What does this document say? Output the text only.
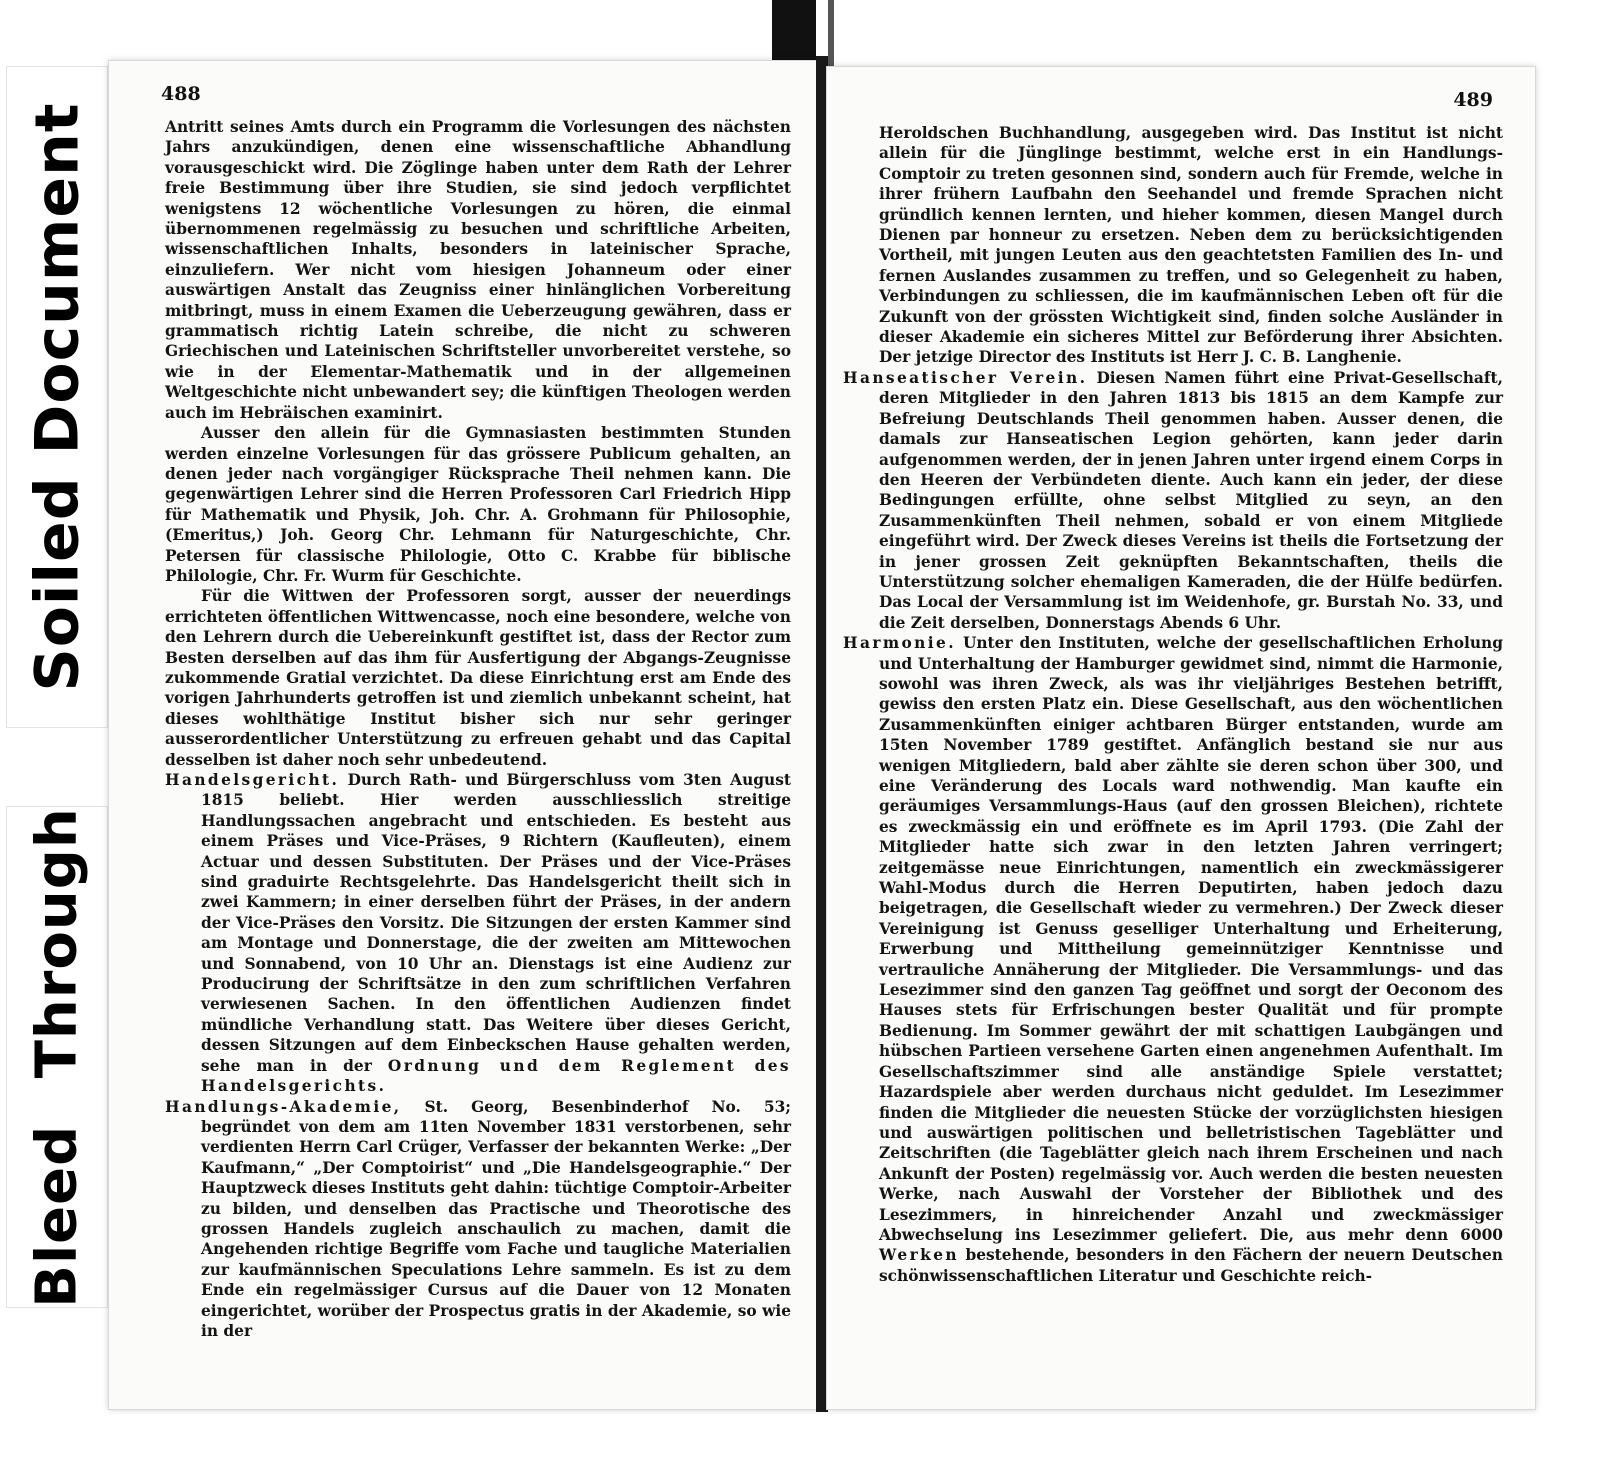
Soiled Document
Bleed Through
488

Antritt seines Amts durch ein Programm die Vorlesungen des nächsten Jahrs anzukündigen, denen eine wissenschaftliche Abhandlung vorausgeschickt wird. Die Zöglinge haben unter dem Rath der Lehrer freie Bestimmung über ihre Studien, sie sind jedoch verpflichtet wenigstens 12 wöchentliche Vorlesungen zu hören, die einmal übernommenen regelmässig zu besuchen und schriftliche Arbeiten, wissenschaftlichen Inhalts, besonders in lateinischer Sprache, einzuliefern. Wer nicht vom hiesigen Johanneum oder einer auswärtigen Anstalt das Zeugniss einer hinlänglichen Vorbereitung mitbringt, muss in einem Examen die Ueberzeugung gewähren, dass er grammatisch richtig Latein schreibe, die nicht zu schweren Griechischen und Lateinischen Schriftsteller unvorbereitet verstehe, so wie in der Elementar-Mathematik und in der allgemeinen Weltgeschichte nicht unbewandert sey; die künftigen Theologen werden auch im Hebräischen examinirt.

Ausser den allein für die Gymnasiasten bestimmten Stunden werden einzelne Vorlesungen für das grössere Publicum gehalten, an denen jeder nach vorgängiger Rücksprache Theil nehmen kann. Die gegenwärtigen Lehrer sind die Herren Professoren Carl Friedrich Hipp für Mathematik und Physik, Joh. Chr. A. Grohmann für Philosophie, (Emeritus,) Joh. Georg Chr. Lehmann für Naturgeschichte, Chr. Petersen für classische Philologie, Otto C. Krabbe für biblische Philologie, Chr. Fr. Wurm für Geschichte.

Für die Wittwen der Professoren sorgt, ausser der neuerdings errichteten öffentlichen Wittwencasse, noch eine besondere, welche von den Lehrern durch die Uebereinkunft gestiftet ist, dass der Rector zum Besten derselben auf das ihm für Ausfertigung der Abgangs-Zeugnisse zukommende Gratial verzichtet. Da diese Einrichtung erst am Ende des vorigen Jahrhunderts getroffen ist und ziemlich unbekannt scheint, hat dieses wohlthätige Institut bisher sich nur sehr geringer ausserordentlicher Unterstützung zu erfreuen gehabt und das Capital desselben ist daher noch sehr unbedeutend.

Handelsgericht. Durch Rath- und Bürgerschluss vom 3ten August 1815 beliebt. Hier werden ausschliesslich streitige Handlungssachen angebracht und entschieden. Es besteht aus einem Präses und Vice-Präses, 9 Richtern (Kaufleuten), einem Actuar und dessen Substituten. Der Präses und der Vice-Präses sind graduirte Rechtsgelehrte. Das Handelsgericht theilt sich in zwei Kammern; in einer derselben führt der Präses, in der andern der Vice-Präses den Vorsitz. Die Sitzungen der ersten Kammer sind am Montage und Donnerstage, die der zweiten am Mittewochen und Sonnabend, von 10 Uhr an. Dienstags ist eine Audienz zur Producirung der Schriftsätze in den zum schriftlichen Verfahren verwiesenen Sachen. In den öffentlichen Audienzen findet mündliche Verhandlung statt. Das Weitere über dieses Gericht, dessen Sitzungen auf dem Einbeckschen Hause gehalten werden, sehe man in der Ordnung und dem Reglement des Handelsgerichts.

Handlungs-Akademie, St. Georg, Besenbinderhof No. 53; begründet von dem am 11ten November 1831 verstorbenen, sehr verdienten Herrn Carl Crüger, Verfasser der bekannten Werke: „Der Kaufmann,“ „Der Comptoirist“ und „Die Handelsgeographie.“ Der Hauptzweck dieses Instituts geht dahin: tüchtige Comptoir-Arbeiter zu bilden, und denselben das Practische und Theorotische des grossen Handels zugleich anschaulich zu machen, damit die Angehenden richtige Begriffe vom Fache und taugliche Materialien zur kaufmännischen Speculations Lehre sammeln. Es ist zu dem Ende ein regelmässiger Cursus auf die Dauer von 12 Monaten eingerichtet, worüber der Prospectus gratis in der Akademie, so wie in der

489

Heroldschen Buchhandlung, ausgegeben wird. Das Institut ist nicht allein für die Jünglinge bestimmt, welche erst in ein Handlungs-Comptoir zu treten gesonnen sind, sondern auch für Fremde, welche in ihrer frühern Laufbahn den Seehandel und fremde Sprachen nicht gründlich kennen lernten, und hieher kommen, diesen Mangel durch Dienen par honneur zu ersetzen. Neben dem zu berücksichtigenden Vortheil, mit jungen Leuten aus den geachtetsten Familien des In- und fernen Auslandes zusammen zu treffen, und so Gelegenheit zu haben, Verbindungen zu schliessen, die im kaufmännischen Leben oft für die Zukunft von der grössten Wichtigkeit sind, finden solche Ausländer in dieser Akademie ein sicheres Mittel zur Beförderung ihrer Absichten. Der jetzige Director des Instituts ist Herr J. C. B. Langhenie.

Hanseatischer Verein. Diesen Namen führt eine Privat-Gesellschaft, deren Mitglieder in den Jahren 1813 bis 1815 an dem Kampfe zur Befreiung Deutschlands Theil genommen haben. Ausser denen, die damals zur Hanseatischen Legion gehörten, kann jeder darin aufgenommen werden, der in jenen Jahren unter irgend einem Corps in den Heeren der Verbündeten diente. Auch kann ein jeder, der diese Bedingungen erfüllte, ohne selbst Mitglied zu seyn, an den Zusammenkünften Theil nehmen, sobald er von einem Mitgliede eingeführt wird. Der Zweck dieses Vereins ist theils die Fortsetzung der in jener grossen Zeit geknüpften Bekanntschaften, theils die Unterstützung solcher ehemaligen Kameraden, die der Hülfe bedürfen. Das Local der Versammlung ist im Weidenhofe, gr. Burstah No. 33, und die Zeit derselben, Donnerstags Abends 6 Uhr.

Harmonie. Unter den Instituten, welche der gesellschaftlichen Erholung und Unterhaltung der Hamburger gewidmet sind, nimmt die Harmonie, sowohl was ihren Zweck, als was ihr vieljähriges Bestehen betrifft, gewiss den ersten Platz ein. Diese Gesellschaft, aus den wöchentlichen Zusammenkünften einiger achtbaren Bürger entstanden, wurde am 15ten November 1789 gestiftet. Anfänglich bestand sie nur aus wenigen Mitgliedern, bald aber zählte sie deren schon über 300, und eine Veränderung des Locals ward nothwendig. Man kaufte ein geräumiges Versammlungs-Haus (auf den grossen Bleichen), richtete es zweckmässig ein und eröffnete es im April 1793. (Die Zahl der Mitglieder hatte sich zwar in den letzten Jahren verringert; zeitgemässe neue Einrichtungen, namentlich ein zweckmässigerer Wahl-Modus durch die Herren Deputirten, haben jedoch dazu beigetragen, die Gesellschaft wieder zu vermehren.) Der Zweck dieser Vereinigung ist Genuss geselliger Unterhaltung und Erheiterung, Erwerbung und Mittheilung gemeinnütziger Kenntnisse und vertrauliche Annäherung der Mitglieder. Die Versammlungs- und das Lesezimmer sind den ganzen Tag geöffnet und sorgt der Oeconom des Hauses stets für Erfrischungen bester Qualität und für prompte Bedienung. Im Sommer gewährt der mit schattigen Laubgängen und hübschen Partieen versehene Garten einen angenehmen Aufenthalt. Im Gesellschaftszimmer sind alle anständige Spiele verstattet; Hazardspiele aber werden durchaus nicht geduldet. Im Lesezimmer finden die Mitglieder die neuesten Stücke der vorzüglichsten hiesigen und auswärtigen politischen und belletristischen Tageblätter und Zeitschriften (die Tageblätter gleich nach ihrem Erscheinen und nach Ankunft der Posten) regelmässig vor. Auch werden die besten neuesten Werke, nach Auswahl der Vorsteher der Bibliothek und des Lesezimmers, in hinreichender Anzahl und zweckmässiger Abwechselung ins Lesezimmer geliefert. Die, aus mehr denn 6000 Werken bestehende, besonders in den Fächern der neuern Deutschen schönwissenschaftlichen Literatur und Geschichte reich-
